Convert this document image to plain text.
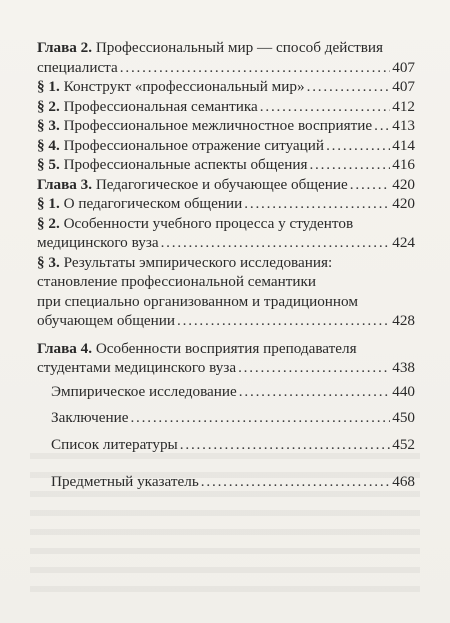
Глава 2. Профессиональный мир — способ действия
специалиста .....	407
§ 1. Конструкт «профессиональный мир» .....	407
§ 2. Профессиональная семантика .....	412
§ 3. Профессиональное межличностное восприятие ..... 413
§ 4. Профессиональное отражение ситуаций .....	414
§ 5. Профессиональные аспекты общения .....	416
Глава 3. Педагогическое и обучающее общение .....	420
§ 1. О педагогическом общении .....	420
§ 2. Особенности учебного процесса у студентов
медицинского вуза .....	424
§ 3. Результаты эмпирического исследования:
становление профессиональной семантики
при специально организованном и традиционном
обучающем общении .....	428
Глава 4. Особенности восприятия преподавателя
студентами медицинского вуза .....	438
Эмпирическое исследование .....	440
Заключение .....	450
Список литературы .....	452
Предметный указатель .....	468
